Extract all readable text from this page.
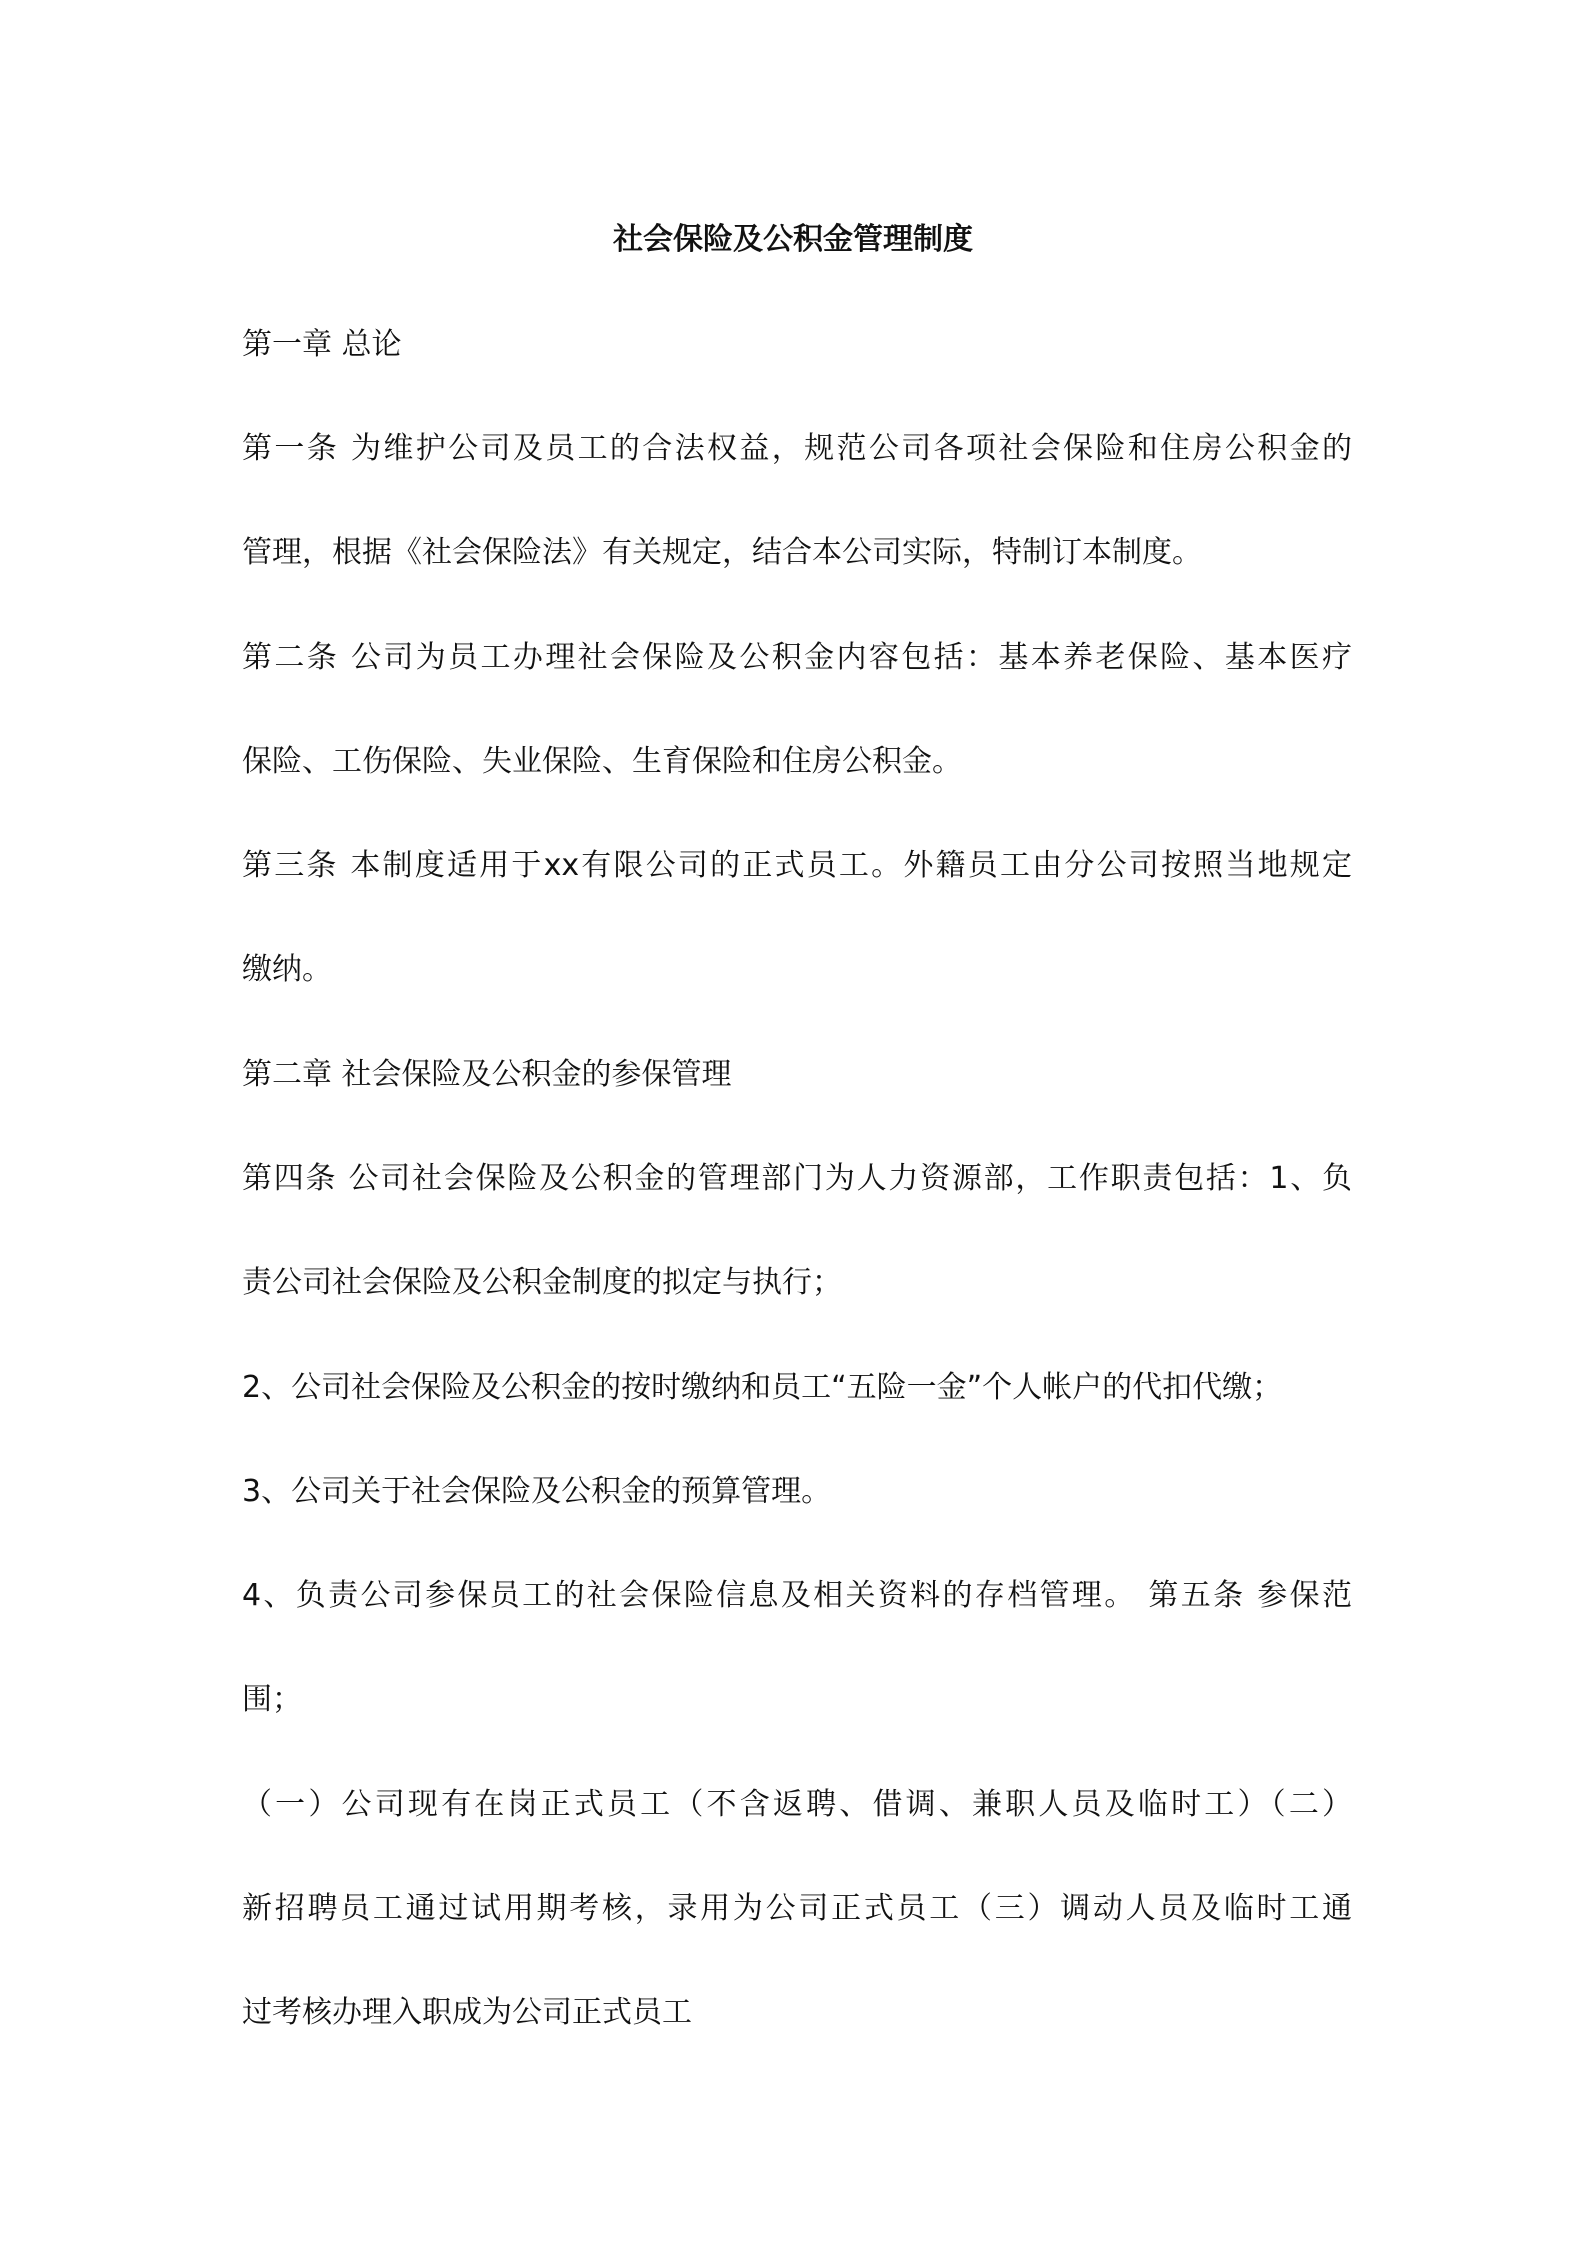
社会保险及公积金管理制度

第一章 总论

第一条 为维护公司及员工的合法权益，规范公司各项社会保险和住房公积金的

管理，根据《社会保险法》有关规定，结合本公司实际，特制订本制度。

第二条 公司为员工办理社会保险及公积金内容包括：基本养老保险、基本医疗

保险、工伤保险、失业保险、生育保险和住房公积金。

第三条 本制度适用于xx有限公司的正式员工。外籍员工由分公司按照当地规定

缴纳。

第二章 社会保险及公积金的参保管理

第四条 公司社会保险及公积金的管理部门为人力资源部，工作职责包括：1、负

责公司社会保险及公积金制度的拟定与执行；

2、公司社会保险及公积金的按时缴纳和员工“五险一金”个人帐户的代扣代缴；

3、公司关于社会保险及公积金的预算管理。

4、负责公司参保员工的社会保险信息及相关资料的存档管理。 第五条 参保范

围；

（一）公司现有在岗正式员工（不含返聘、借调、兼职人员及临时工）（二）

新招聘员工通过试用期考核，录用为公司正式员工（三）调动人员及临时工通

过考核办理入职成为公司正式员工
